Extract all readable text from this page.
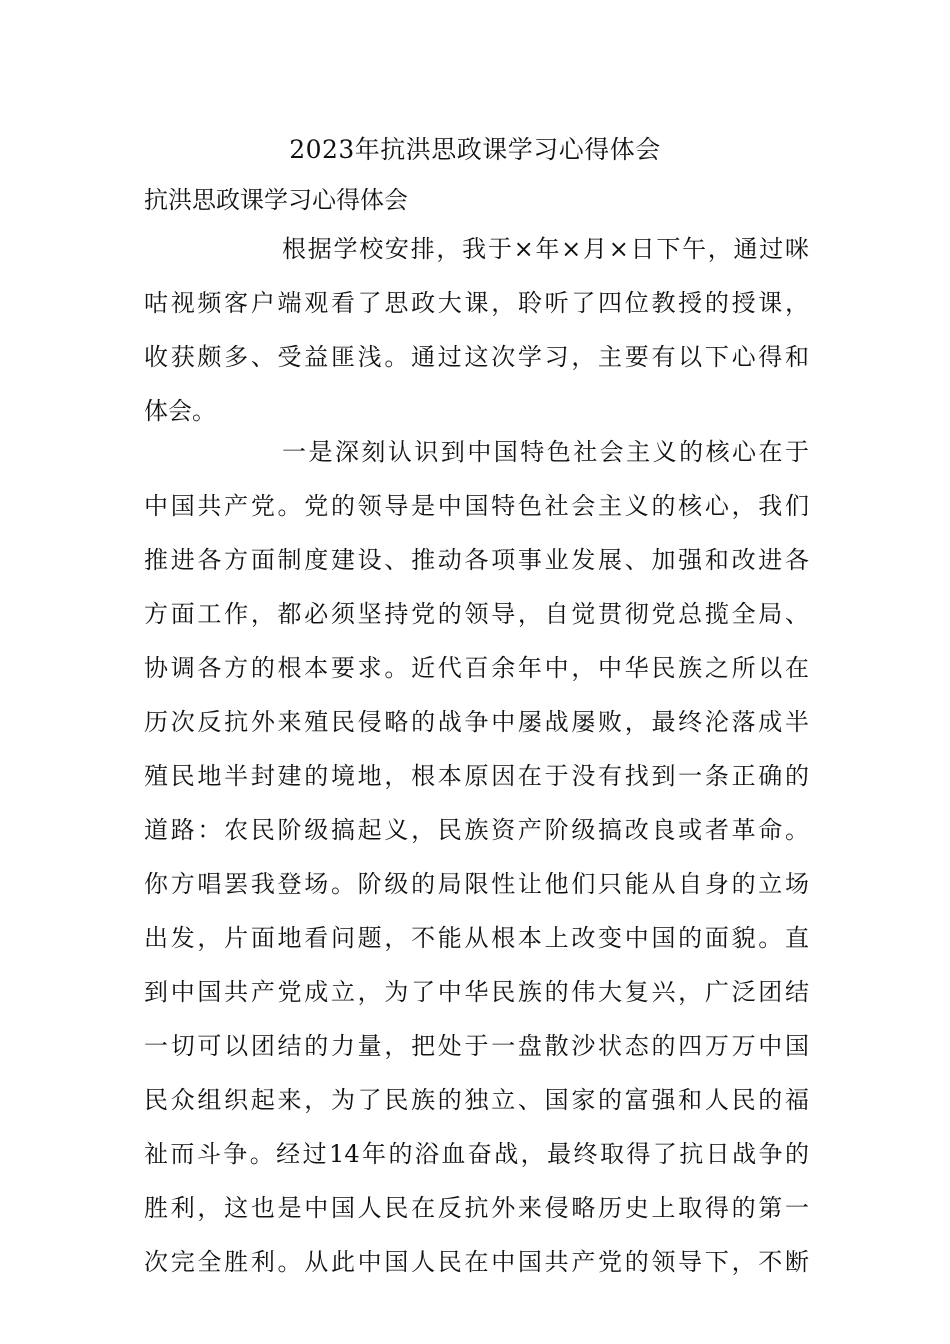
2023年抗洪思政课学习心得体会
抗洪思政课学习心得体会
根据学校安排，我于×年×月×日下午，通过咪
咕视频客户端观看了思政大课，聆听了四位教授的授课，
收获颇多、受益匪浅。通过这次学习，主要有以下心得和
体会。
一是深刻认识到中国特色社会主义的核心在于
中国共产党。党的领导是中国特色社会主义的核心，我们
推进各方面制度建设、推动各项事业发展、加强和改进各
方面工作，都必须坚持党的领导，自觉贯彻党总揽全局、
协调各方的根本要求。近代百余年中，中华民族之所以在
历次反抗外来殖民侵略的战争中屡战屡败，最终沦落成半
殖民地半封建的境地，根本原因在于没有找到一条正确的
道路：农民阶级搞起义，民族资产阶级搞改良或者革命。
你方唱罢我登场。阶级的局限性让他们只能从自身的立场
出发，片面地看问题，不能从根本上改变中国的面貌。直
到中国共产党成立，为了中华民族的伟大复兴，广泛团结
一切可以团结的力量，把处于一盘散沙状态的四万万中国
民众组织起来，为了民族的独立、国家的富强和人民的福
祉而斗争。经过14年的浴血奋战，最终取得了抗日战争的
胜利，这也是中国人民在反抗外来侵略历史上取得的第一
次完全胜利。从此中国人民在中国共产党的领导下，不断
